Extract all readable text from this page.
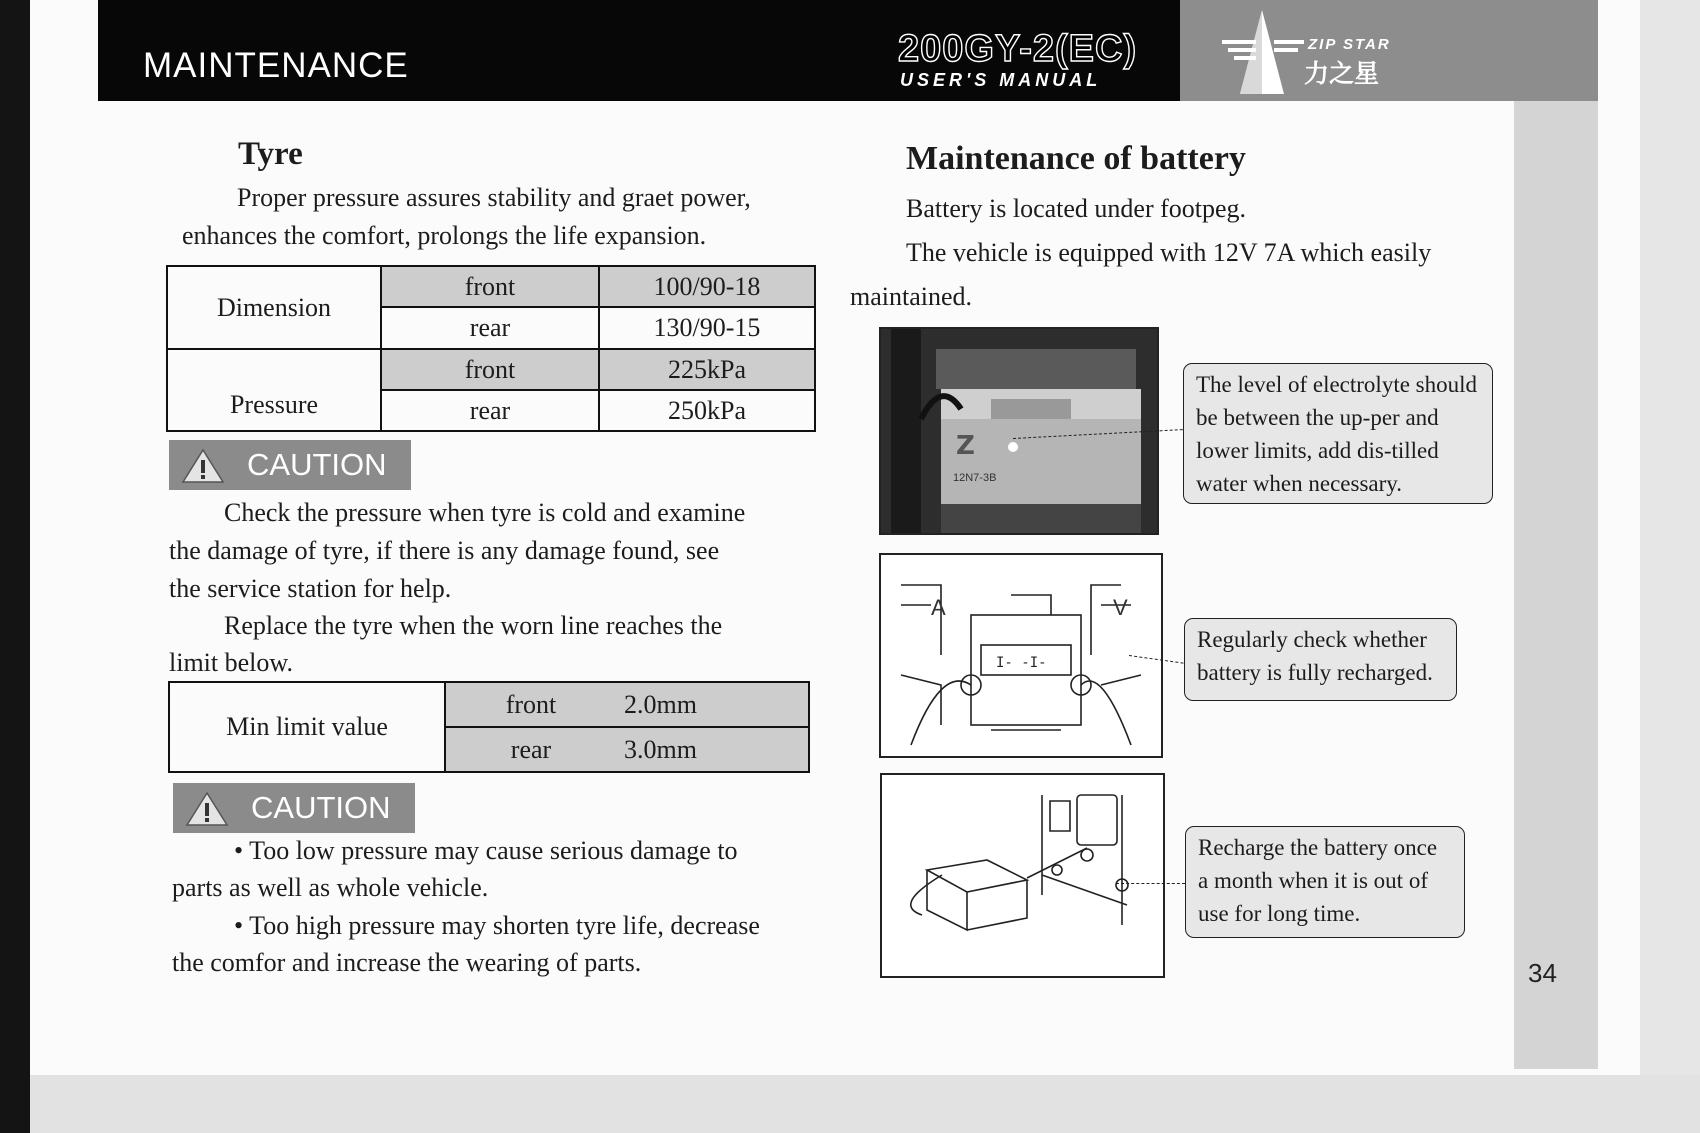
MAINTENANCE	200GY-2(EC)
USER'S MANUAL
ZIP STAR
力之星
Tyre
Proper pressure assures stability and graet power,
enhances the comfort, prolongs the life expansion.
Dimension	front	100/90-18
	rear	130/90-15
Pressure	front	225kPa
	rear	250kPa
CAUTION
Check the pressure when tyre is cold and examine
the damage of tyre, if there is any damage found, see
the service station for help.
Replace the tyre when the worn line reaches the
limit below.
Min limit value	front	2.0mm
	rear	3.0mm
CAUTION
• Too low pressure may cause serious damage to
parts as well as whole vehicle.
• Too high pressure may shorten tyre life, decrease
the comfor and increase the wearing of parts.
Maintenance of battery
Battery is located under footpeg.
The vehicle is equipped with 12V 7A which easily
maintained.
Z
12N7-3B
The level of electrolyte should be between the up-per and lower limits, add dis-tilled water when necessary.
I- -I-
A	V
Regularly check whether battery is fully recharged.
Recharge the battery once a month when it is out of use for long time.
34
